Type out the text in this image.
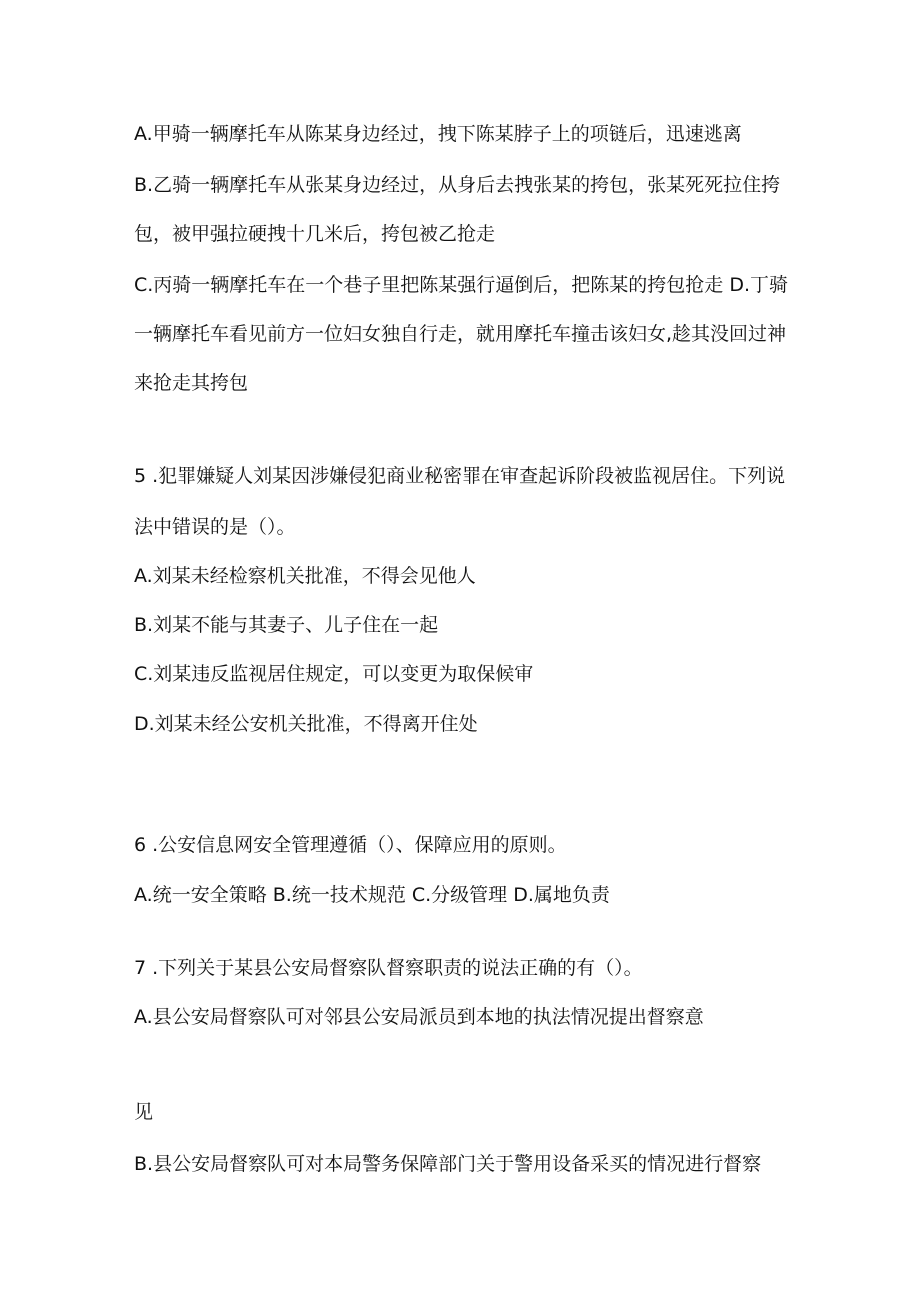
A.甲骑一辆摩托车从陈某身边经过，拽下陈某脖子上的项链后，迅速逃离
B.乙骑一辆摩托车从张某身边经过，从身后去拽张某的挎包，张某死死拉住挎
包，被甲强拉硬拽十几米后，挎包被乙抢走
C.丙骑一辆摩托车在一个巷子里把陈某强行逼倒后，把陈某的挎包抢走 D.丁骑
一辆摩托车看见前方一位妇女独自行走，就用摩托车撞击该妇女,趁其没回过神
来抢走其挎包
5 .犯罪嫌疑人刘某因涉嫌侵犯商业秘密罪在审查起诉阶段被监视居住。下列说
法中错误的是（）。
A.刘某未经检察机关批准，不得会见他人
B.刘某不能与其妻子、儿子住在一起
C.刘某违反监视居住规定，可以变更为取保候审
D.刘某未经公安机关批准，不得离开住处
6 .公安信息网安全管理遵循（）、保障应用的原则。
A.统一安全策略 B.统一技术规范 C.分级管理 D.属地负责
7 .下列关于某县公安局督察队督察职责的说法正确的有（）。
A.县公安局督察队可对邻县公安局派员到本地的执法情况提出督察意
见
B.县公安局督察队可对本局警务保障部门关于警用设备采买的情况进行督察
